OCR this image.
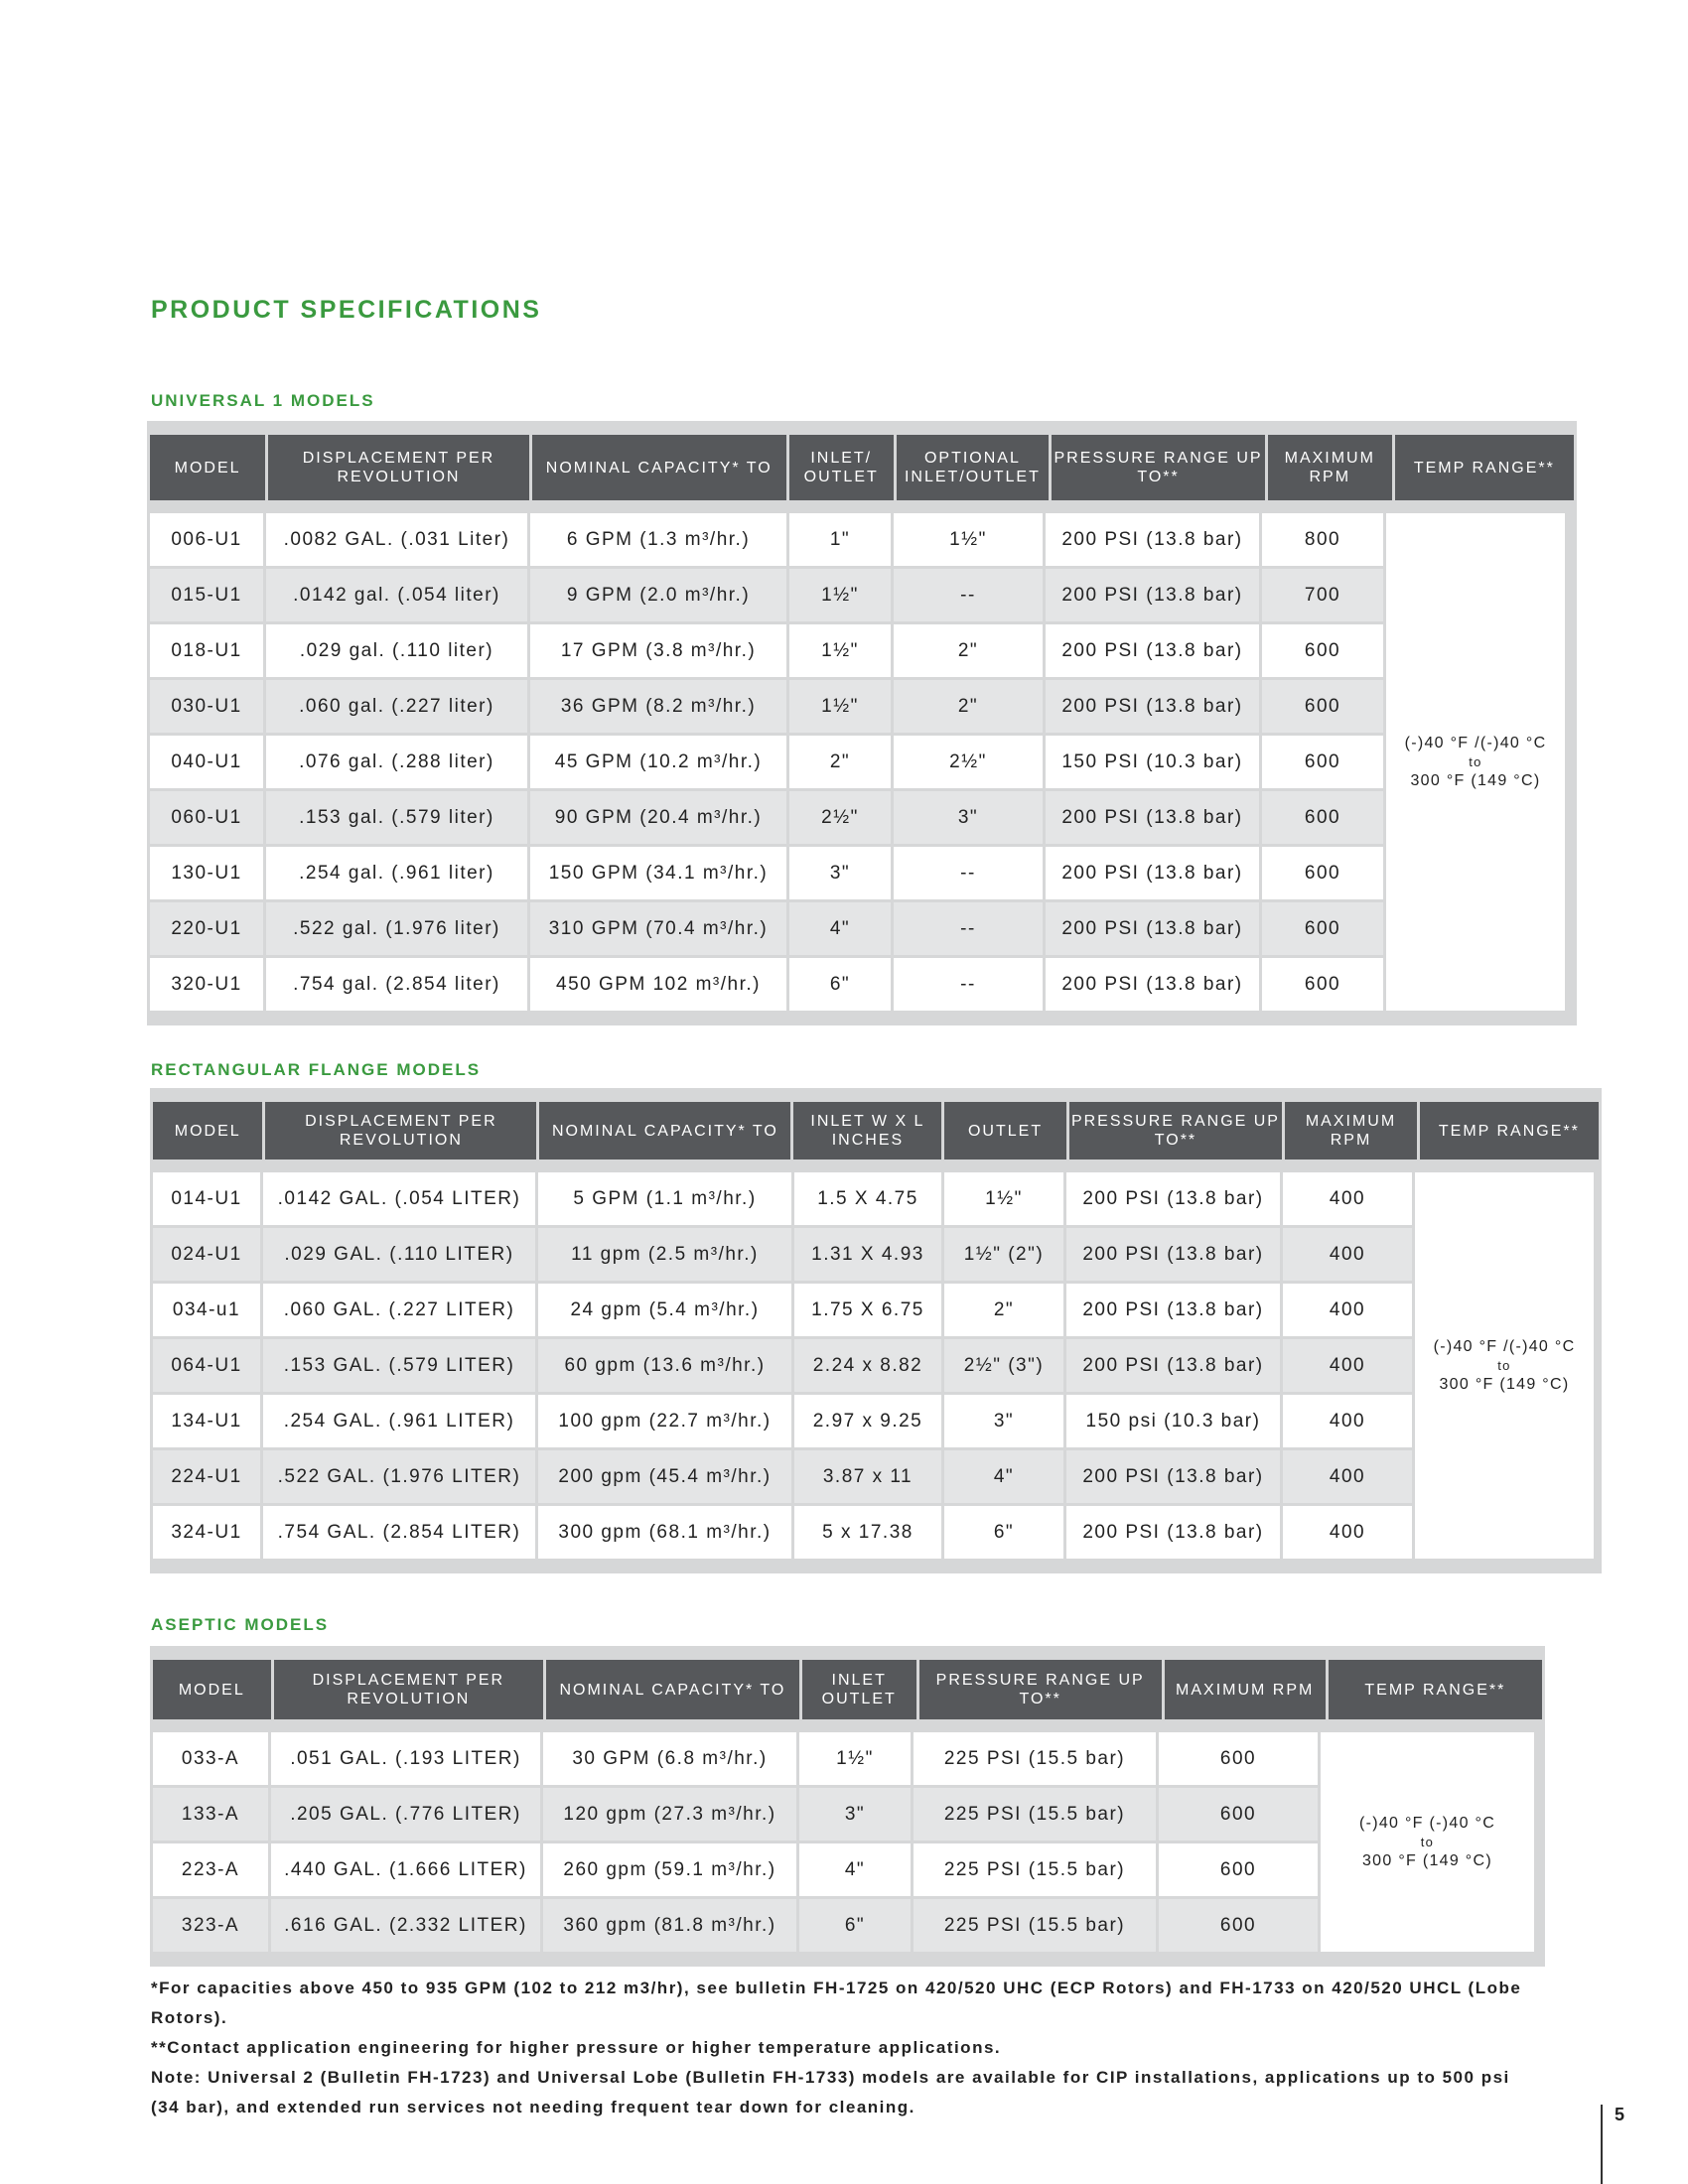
PRODUCT SPECIFICATIONS
UNIVERSAL 1 MODELS
MODEL	DISPLACEMENT PER REVOLUTION	NOMINAL CAPACITY* TO	INLET/ OUTLET	OPTIONAL INLET/OUTLET	PRESSURE RANGE UP TO**	MAXIMUM RPM	TEMP RANGE**
006-U1	.0082 GAL. (.031 Liter)	6 GPM (1.3 m³/hr.)	1"	1½"	200 PSI (13.8 bar)	800	(-)40 °F /(-)40 °C
to
300 °F (149 °C)

015-U1	.0142 gal. (.054 liter)	9 GPM (2.0 m³/hr.)	1½"	--	200 PSI (13.8 bar)	700	
018-U1	.029 gal. (.110 liter)	17 GPM (3.8 m³/hr.)	1½"	2"	200 PSI (13.8 bar)	600	
030-U1	.060 gal. (.227 liter)	36 GPM (8.2 m³/hr.)	1½"	2"	200 PSI (13.8 bar)	600	
040-U1	.076 gal. (.288 liter)	45 GPM (10.2 m³/hr.)	2"	2½"	150 PSI (10.3 bar)	600	
060-U1	.153 gal. (.579 liter)	90 GPM (20.4 m³/hr.)	2½"	3"	200 PSI (13.8 bar)	600	
130-U1	.254 gal. (.961 liter)	150 GPM (34.1 m³/hr.)	3"	--	200 PSI (13.8 bar)	600	
220-U1	.522 gal. (1.976 liter)	310 GPM (70.4 m³/hr.)	4"	--	200 PSI (13.8 bar)	600	
320-U1	.754 gal. (2.854 liter)	450 GPM 102 m³/hr.)	6"	--	200 PSI (13.8 bar)	600	
RECTANGULAR FLANGE MODELS
MODEL	DISPLACEMENT PER REVOLUTION	NOMINAL CAPACITY* TO	INLET W X L INCHES	OUTLET	PRESSURE RANGE UP TO**	MAXIMUM RPM	TEMP RANGE**
014-U1	.0142 GAL. (.054 LITER)	5 GPM (1.1 m³/hr.)	1.5 X 4.75	1½"	200 PSI (13.8 bar)	400	(-)40 °F /(-)40 °C
to
300 °F (149 °C)

024-U1	.029 GAL. (.110 LITER)	11 gpm (2.5 m³/hr.)	1.31 X 4.93	1½" (2")	200 PSI (13.8 bar)	400	
034-u1	.060 GAL. (.227 LITER)	24 gpm (5.4 m³/hr.)	1.75 X 6.75	2"	200 PSI (13.8 bar)	400	
064-U1	.153 GAL. (.579 LITER)	60 gpm (13.6 m³/hr.)	2.24 x 8.82	2½" (3")	200 PSI (13.8 bar)	400	
134-U1	.254 GAL. (.961 LITER)	100 gpm (22.7 m³/hr.)	2.97 x 9.25	3"	150 psi (10.3 bar)	400	
224-U1	.522 GAL. (1.976 LITER)	200 gpm (45.4 m³/hr.)	3.87 x 11	4"	200 PSI (13.8 bar)	400	
324-U1	.754 GAL. (2.854 LITER)	300 gpm (68.1 m³/hr.)	5 x 17.38	6"	200 PSI (13.8 bar)	400	
ASEPTIC MODELS
MODEL	DISPLACEMENT PER REVOLUTION	NOMINAL CAPACITY* TO	INLET OUTLET	PRESSURE RANGE UP TO**	MAXIMUM RPM	TEMP RANGE**
033-A	.051 GAL. (.193 LITER)	30 GPM (6.8 m³/hr.)	1½"	225 PSI (15.5 bar)	600	(-)40 °F (-)40 °C
to
300 °F (149 °C)

133-A	.205 GAL. (.776 LITER)	120 gpm (27.3 m³/hr.)	3"	225 PSI (15.5 bar)	600	
223-A	.440 GAL. (1.666 LITER)	260 gpm (59.1 m³/hr.)	4"	225 PSI (15.5 bar)	600	
323-A	.616 GAL. (2.332 LITER)	360 gpm (81.8 m³/hr.)	6"	225 PSI (15.5 bar)	600	

*For capacities above 450 to 935 GPM (102 to 212 m3/hr), see bulletin FH-1725 on 420/520 UHC (ECP Rotors) and FH-1733 on 420/520 UHCL (Lobe Rotors).

**Contact application engineering for higher pressure or higher temperature applications.

Note: Universal 2 (Bulletin FH-1723) and Universal Lobe (Bulletin FH-1733) models are available for CIP installations, applications up to 500 psi (34 bar), and extended run services not needing frequent tear down for cleaning.	5
